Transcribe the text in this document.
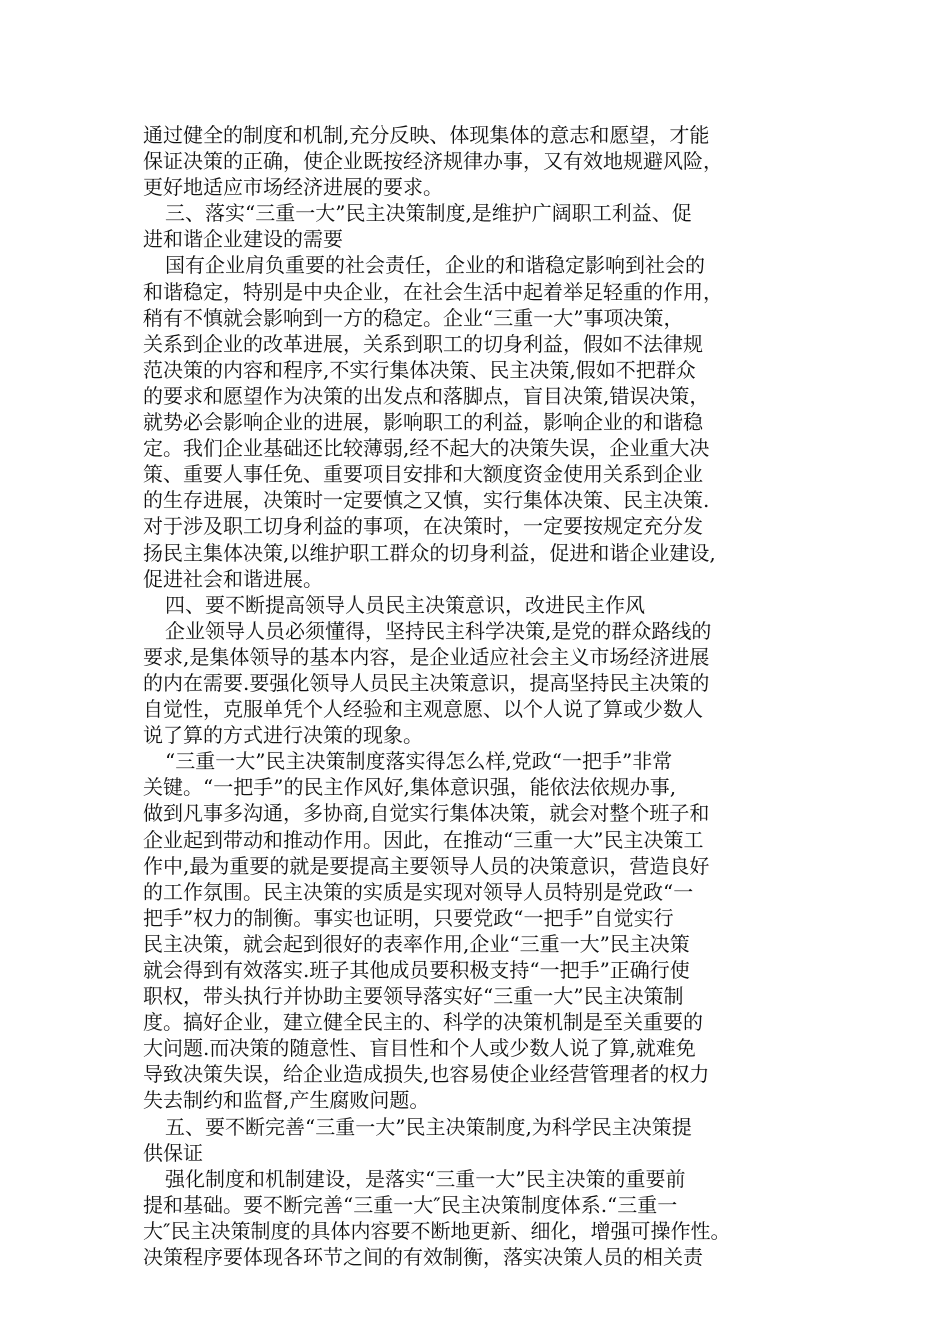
通过健全的制度和机制,充分反映、体现集体的意志和愿望，才能
保证决策的正确，使企业既按经济规律办事，又有效地规避风险，
更好地适应市场经济进展的要求。
三、落实“三重一大”民主决策制度,是维护广阔职工利益、促
进和谐企业建设的需要
国有企业肩负重要的社会责任，企业的和谐稳定影响到社会的
和谐稳定，特别是中央企业，在社会生活中起着举足轻重的作用，
稍有不慎就会影响到一方的稳定。企业“三重一大”事项决策，
关系到企业的改革进展，关系到职工的切身利益，假如不法律规
范决策的内容和程序,不实行集体决策、民主决策,假如不把群众
的要求和愿望作为决策的出发点和落脚点，盲目决策,错误决策，
就势必会影响企业的进展，影响职工的利益，影响企业的和谐稳
定。我们企业基础还比较薄弱,经不起大的决策失误，企业重大决
策、重要人事任免、重要项目安排和大额度资金使用关系到企业
的生存进展，决策时一定要慎之又慎，实行集体决策、民主决策.
对于涉及职工切身利益的事项，在决策时，一定要按规定充分发
扬民主集体决策,以维护职工群众的切身利益，促进和谐企业建设,
促进社会和谐进展。
四、要不断提高领导人员民主决策意识，改进民主作风
企业领导人员必须懂得，坚持民主科学决策,是党的群众路线的
要求,是集体领导的基本内容，是企业适应社会主义市场经济进展
的内在需要.要强化领导人员民主决策意识，提高坚持民主决策的
自觉性，克服单凭个人经验和主观意愿、以个人说了算或少数人
说了算的方式进行决策的现象。
“三重一大”民主决策制度落实得怎么样,党政“一把手”非常
关键。“一把手”的民主作风好,集体意识强，能依法依规办事,
做到凡事多沟通，多协商,自觉实行集体决策，就会对整个班子和
企业起到带动和推动作用。因此，在推动“三重一大”民主决策工
作中,最为重要的就是要提高主要领导人员的决策意识，营造良好
的工作氛围。民主决策的实质是实现对领导人员特别是党政“一
把手”权力的制衡。事实也证明，只要党政“一把手”自觉实行
民主决策，就会起到很好的表率作用,企业“三重一大”民主决策
就会得到有效落实.班子其他成员要积极支持“一把手”正确行使
职权，带头执行并协助主要领导落实好“三重一大”民主决策制
度。搞好企业，建立健全民主的、科学的决策机制是至关重要的
大问题.而决策的随意性、盲目性和个人或少数人说了算,就难免
导致决策失误，给企业造成损失,也容易使企业经营管理者的权力
失去制约和监督,产生腐败问题。
五、要不断完善“三重一大”民主决策制度,为科学民主决策提
供保证
强化制度和机制建设，是落实“三重一大”民主决策的重要前
提和基础。要不断完善“三重一大″民主决策制度体系.“三重一
大″民主决策制度的具体内容要不断地更新、细化，增强可操作性。
决策程序要体现各环节之间的有效制衡，落实决策人员的相关责
